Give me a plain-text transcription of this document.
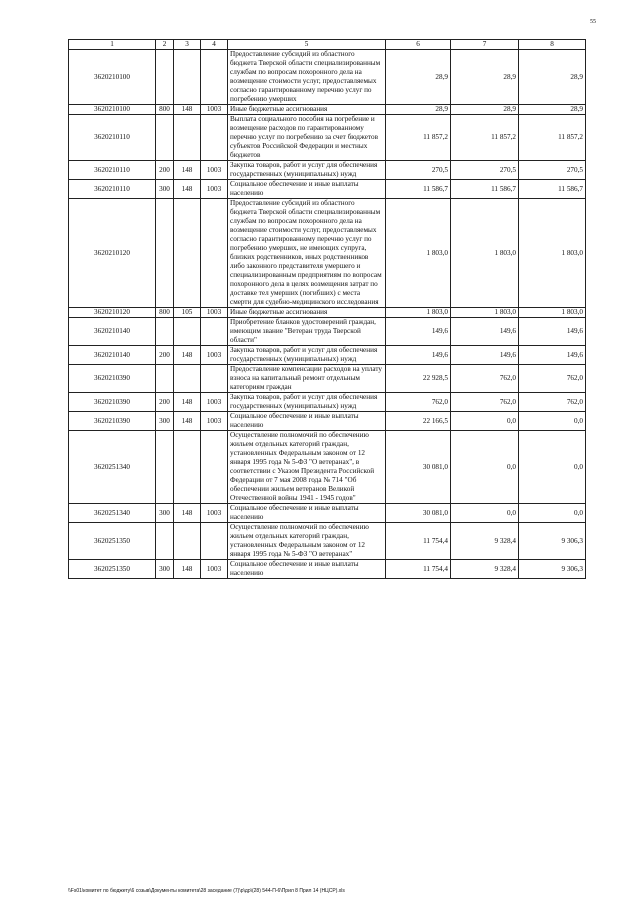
55
1	2	3	4	5	6	7	8
3620210100				Предоставление субсидий из областного бюджета Тверской области специализированным службам по вопросам похоронного дела на возмещение стоимости услуг, предоставляемых согласно гарантированному перечню услуг по погребению умерших	28,9	28,9	28,9
3620210100	800	148	1003	Иные бюджетные ассигнования	28,9	28,9	28,9
3620210110				Выплата социального пособия на погребение и возмещение расходов по гарантированному перечню услуг по погребению за счет бюджетов субъектов Российской Федерации и местных бюджетов	11 857,2	11 857,2	11 857,2
3620210110	200	148	1003	Закупка товаров, работ и услуг для обеспечения государственных (муниципальных) нужд	270,5	270,5	270,5
3620210110	300	148	1003	Социальное обеспечение и иные выплаты населению	11 586,7	11 586,7	11 586,7
3620210120				Предоставление субсидий из областного бюджета Тверской области специализированным службам по вопросам похоронного дела на возмещение стоимости услуг, предоставляемых согласно гарантированному перечню услуг по погребению умерших, не имеющих супруга, близких родственников, иных родственников либо законного представителя умершего и специализированным предприятиям по вопросам похоронного дела в целях возмещения затрат по доставке тел умерших (погибших) с места смерти для судебно-медицинского исследования	1 803,0	1 803,0	1 803,0
3620210120	800	105	1003	Иные бюджетные ассигнования	1 803,0	1 803,0	1 803,0
3620210140				Приобретение бланков удостоверений граждан, имеющим звание "Ветеран труда Тверской области"	149,6	149,6	149,6
3620210140	200	148	1003	Закупка товаров, работ и услуг для обеспечения государственных (муниципальных) нужд	149,6	149,6	149,6
3620210390				Предоставление компенсации расходов на уплату взноса на капитальный ремонт отдельным категориям граждан	22 928,5	762,0	762,0
3620210390	200	148	1003	Закупка товаров, работ и услуг для обеспечения государственных (муниципальных) нужд	762,0	762,0	762,0
3620210390	300	148	1003	Социальное обеспечение и иные выплаты населению	22 166,5	0,0	0,0
3620251340				Осуществление полномочий по обеспечению жильем отдельных категорий граждан, установленных Федеральным законом от 12 января 1995 года № 5-ФЗ "О ветеранах", в соответствии с Указом Президента Российской Федерации от 7 мая 2008 года № 714 "Об обеспечении жильем ветеранов Великой Отечественной войны 1941 - 1945 годов"	30 081,0	0,0	0,0
3620251340	300	148	1003	Социальное обеспечение и иные выплаты населению	30 081,0	0,0	0,0
3620251350				Осуществление полномочий по обеспечению жильем отдельных категорий граждан, установленных Федеральным законом от 12 января 1995 года № 5-ФЗ "О ветеранах"	11 754,4	9 328,4	9 306,3
3620251350	300	148	1003	Социальное обеспечение и иные выплаты населению	11 754,4	9 328,4	9 306,3
\\Fs01\комитет по бюджету\6 созыв\Документы комитета\28 заседание (7)\р\др\(28) 544-П-6\Прил 8 Прил 14 (НЦСР).xls
